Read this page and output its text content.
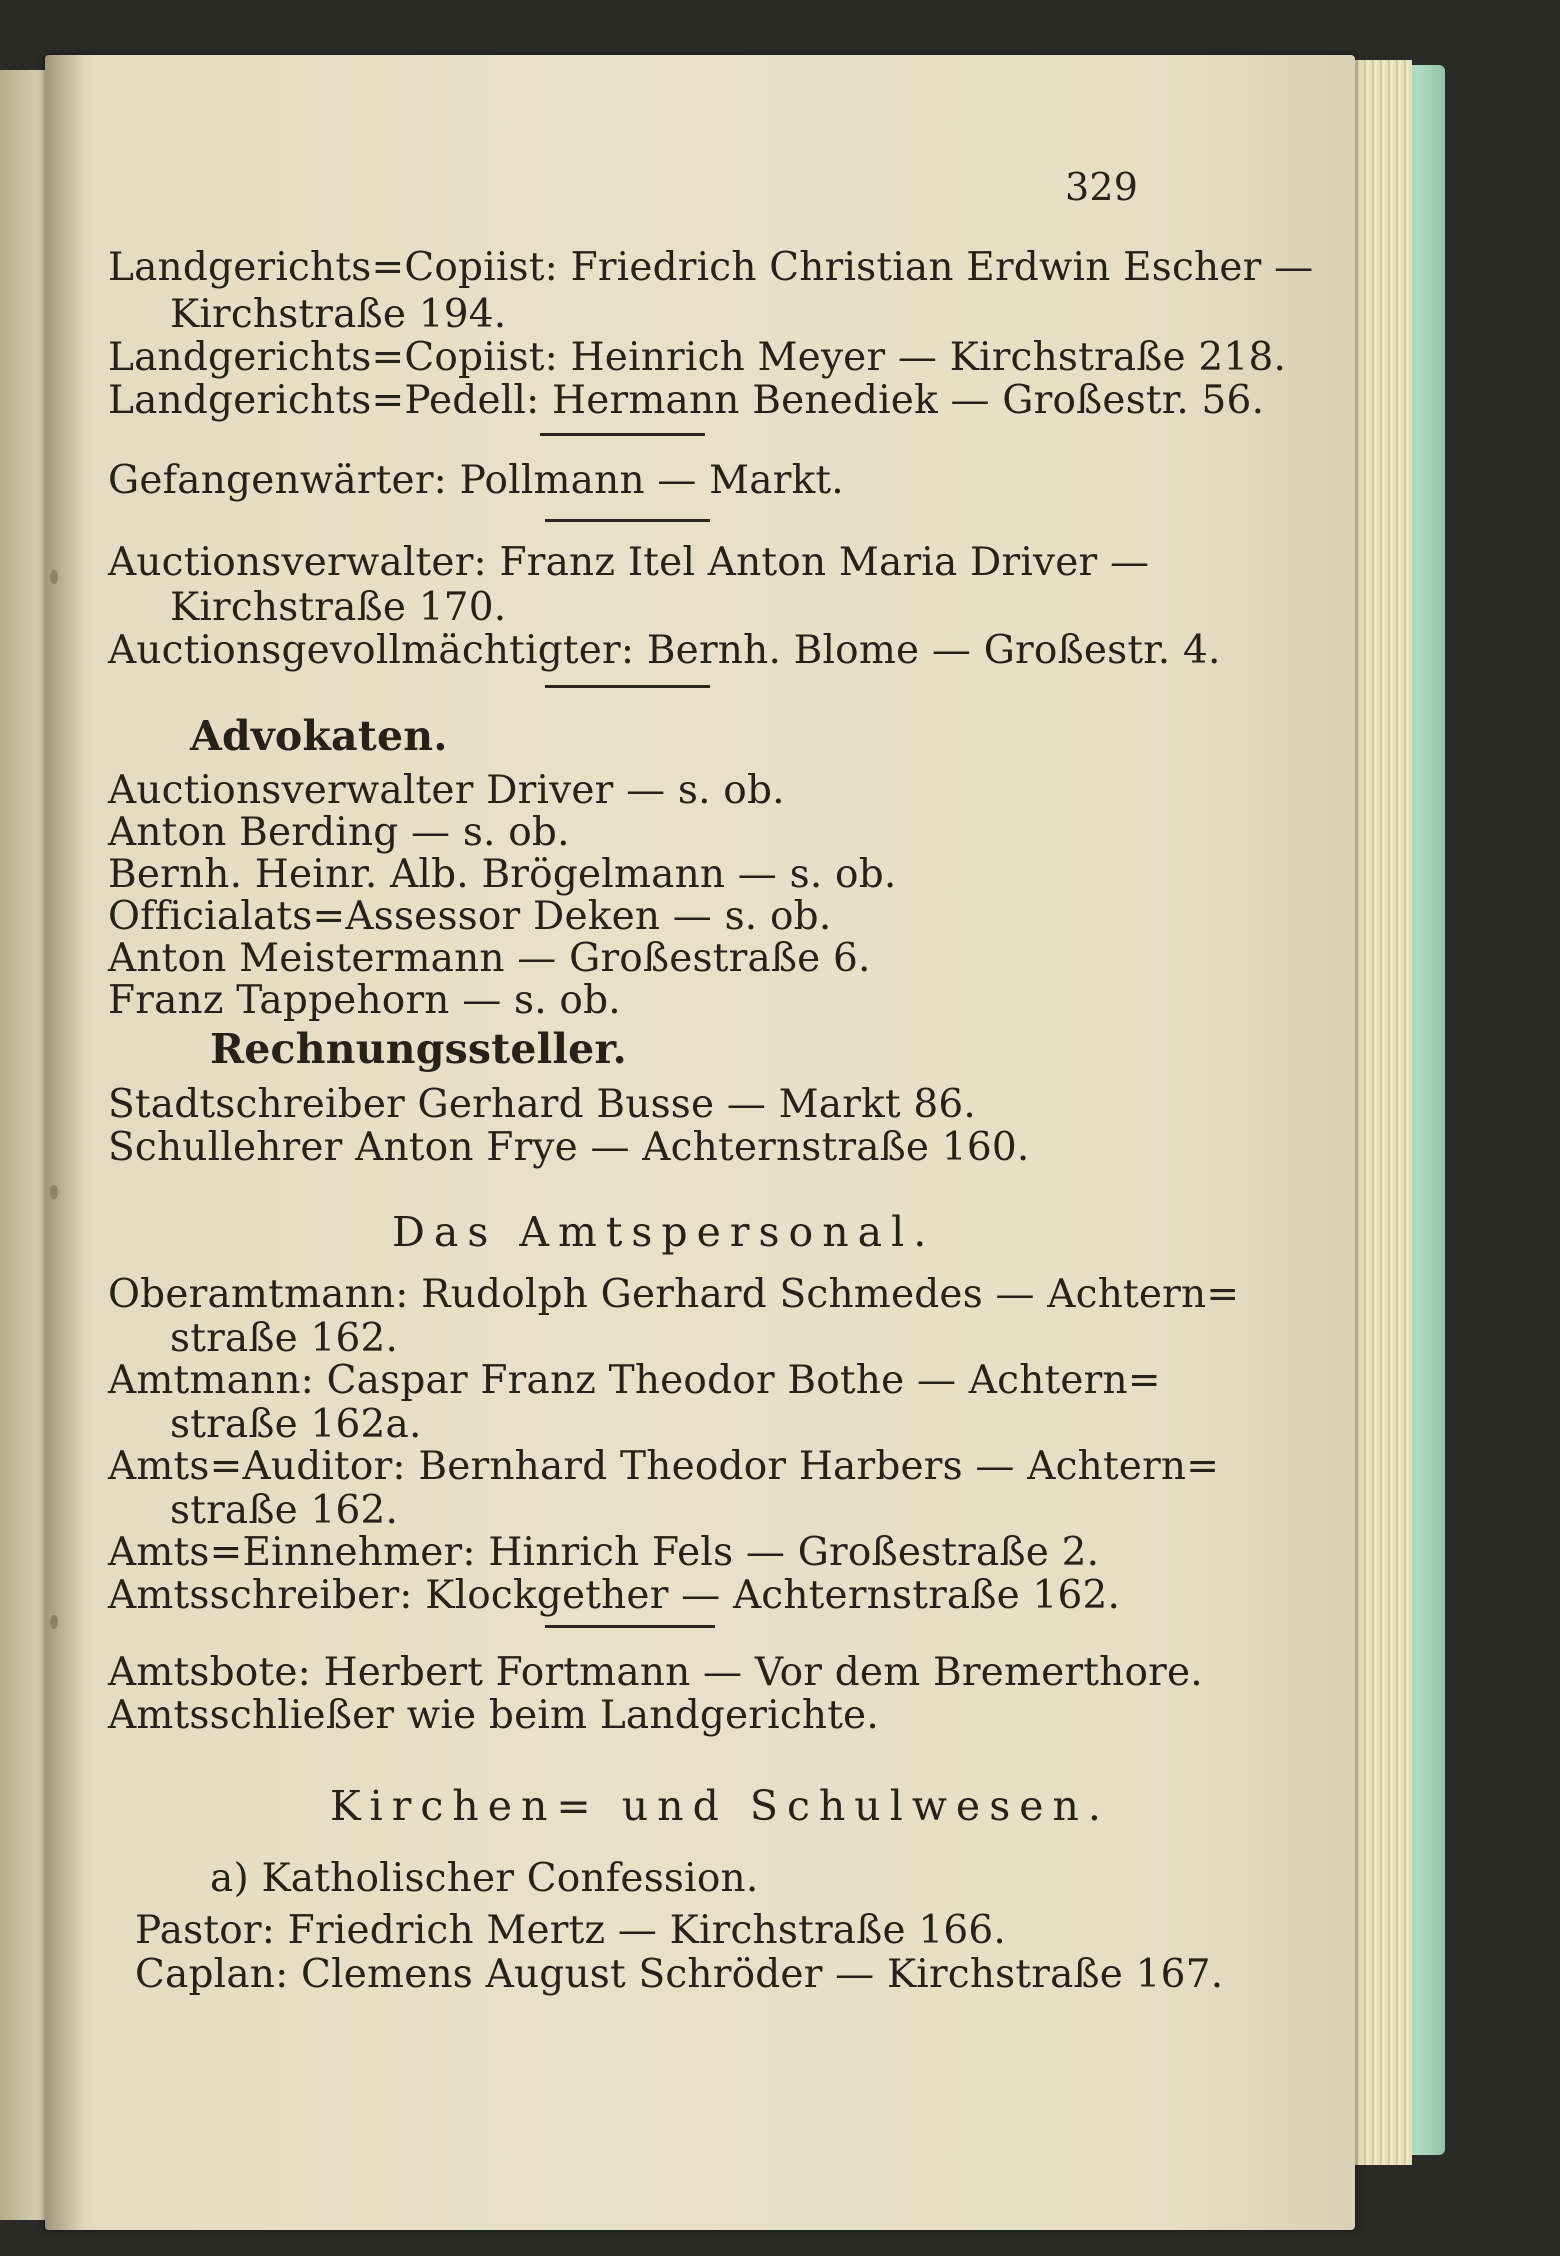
329
Landgerichts=Copiist: Friedrich Christian Erdwin Escher —
Kirchstraße 194.
Landgerichts=Copiist: Heinrich Meyer — Kirchstraße 218.
Landgerichts=Pedell: Hermann Benediek — Großestr. 56.
Gefangenwärter: Pollmann — Markt.
Auctionsverwalter: Franz Itel Anton Maria Driver —
Kirchstraße 170.
Auctionsgevollmächtigter: Bernh. Blome — Großestr. 4.
Advokaten.
Auctionsverwalter Driver — s. ob.
Anton Berding — s. ob.
Bernh. Heinr. Alb. Brögelmann — s. ob.
Officialats=Assessor Deken — s. ob.
Anton Meistermann — Großestraße 6.
Franz Tappehorn — s. ob.
Rechnungssteller.
Stadtschreiber Gerhard Busse — Markt 86.
Schullehrer Anton Frye — Achternstraße 160.
Das Amtspersonal.
Oberamtmann: Rudolph Gerhard Schmedes — Achtern=
straße 162.
Amtmann: Caspar Franz Theodor Bothe — Achtern=
straße 162a.
Amts=Auditor: Bernhard Theodor Harbers — Achtern=
straße 162.
Amts=Einnehmer: Hinrich Fels — Großestraße 2.
Amtsschreiber: Klockgether — Achternstraße 162.
Amtsbote: Herbert Fortmann — Vor dem Bremerthore.
Amtsschließer wie beim Landgerichte.
Kirchen= und Schulwesen.
a) Katholischer Confession.
Pastor: Friedrich Mertz — Kirchstraße 166.
Caplan: Clemens August Schröder — Kirchstraße 167.
